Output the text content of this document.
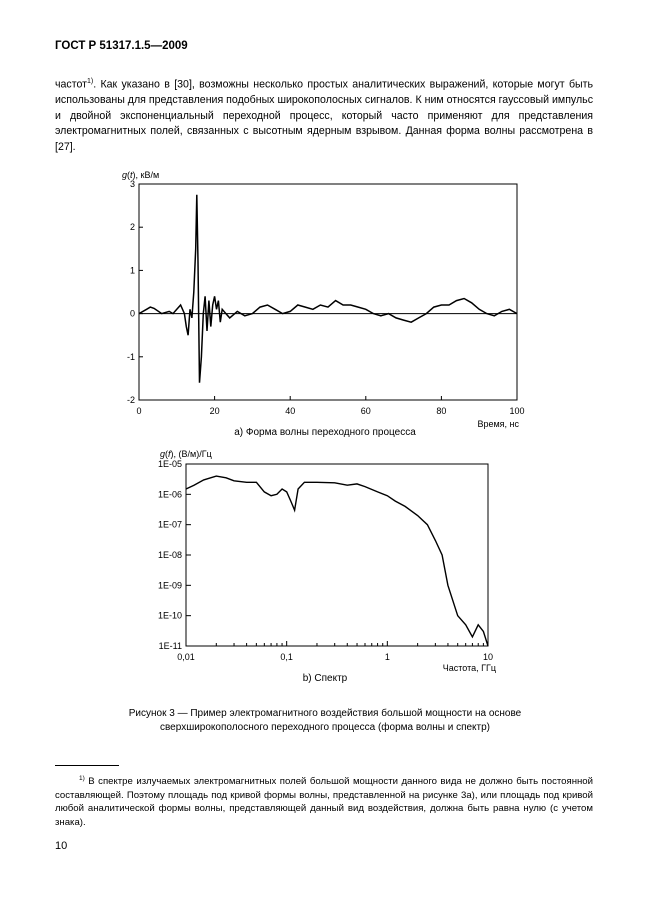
ГОСТ Р 51317.1.5—2009
частот$^{1)}$. Как указано в [30], возможны несколько простых аналитических выражений, которые могут быть использованы для представления подобных широкополосных сигналов. К ним относятся гауссовый импульс и двойной экспоненциальный переходной процесс, который часто применяют для представления электромагнитных полей, связанных с высотным ядерным взрывом. Данная форма волны рассмотрена в [27].
g(t), кВ/м
Время, нс
0	20	40	60	80	100
-2
-1
0
1
2
3
g(f), (В/м)/Гц
Частота, ГГц
0,01	0,1	1	10
1E-05
1E-06
1E-07
1E-08
1E-09
1E-10
1E-11
а) Форма волны переходного процесса
b) Спектр
Рисунок 3 — Пример электромагнитного воздействия большой мощности на основе
сверхширокополосного переходного процесса (форма волны и спектр)
$^{1)}$ В спектре излучаемых электромагнитных полей большой мощности данного вида не должно быть постоянной составляющей. Поэтому площадь под кривой формы волны, представленной на рисунке 3а), или площадь под кривой любой аналитической формы волны, представляющей данный вид воздействия, должна быть равна нулю (с учетом знака).
10
